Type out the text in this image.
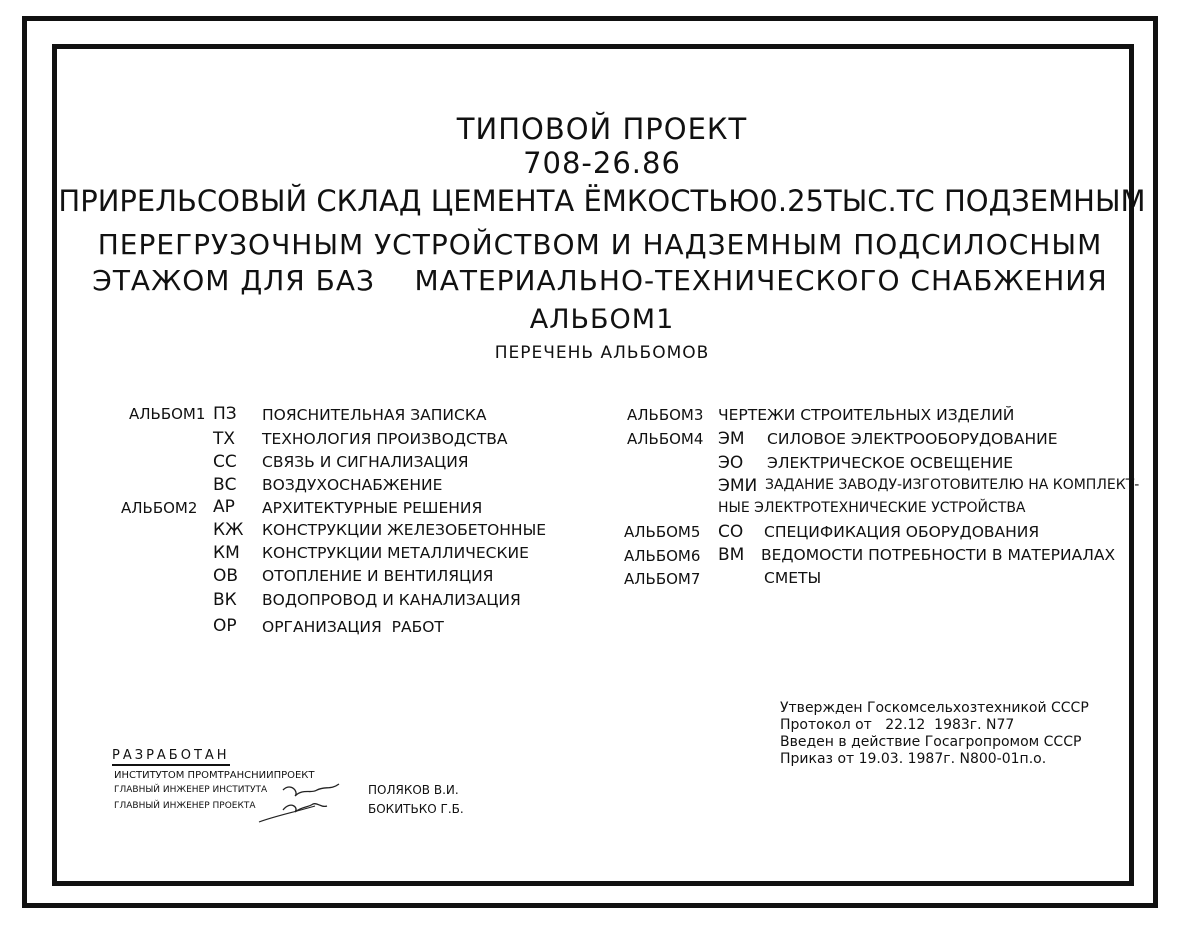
ТИПОВОЙ ПРОЕКТ
708-26.86
ПРИРЕЛЬСОВЫЙ СКЛАД ЦЕМЕНТА ЁМКОСТЬЮ0.25ТЫС.ТС ПОДЗЕМНЫМ
ПЕРЕГРУЗОЧНЫМ УСТРОЙСТВОМ И НАДЗЕМНЫМ ПОДСИЛОСНЫМ
ЭТАЖОМ ДЛЯ БАЗ    МАТЕРИАЛЬНО-ТЕХНИЧЕСКОГО СНАБЖЕНИЯ
АЛЬБОМ1
ПЕРЕЧЕНЬ АЛЬБОМОВ
АЛЬБОМ1 ПЗ ПОЯСНИТЕЛЬНАЯ ЗАПИСКА
ТХ ТЕХНОЛОГИЯ ПРОИЗВОДСТВА
СС СВЯЗЬ И СИГНАЛИЗАЦИЯ
ВС ВОЗДУХОСНАБЖЕНИЕ
АЛЬБОМ2 АР АРХИТЕКТУРНЫЕ РЕШЕНИЯ
КЖ КОНСТРУКЦИИ ЖЕЛЕЗОБЕТОННЫЕ
КМ КОНСТРУКЦИИ МЕТАЛЛИЧЕСКИЕ
ОВ ОТОПЛЕНИЕ И ВЕНТИЛЯЦИЯ
ВК ВОДОПРОВОД И КАНАЛИЗАЦИЯ
ОР ОРГАНИЗАЦИЯ  РАБОТ
АЛЬБОМ3 ЧЕРТЕЖИ СТРОИТЕЛЬНЫХ ИЗДЕЛИЙ
АЛЬБОМ4 ЭМ СИЛОВОЕ ЭЛЕКТРООБОРУДОВАНИЕ
ЭО ЭЛЕКТРИЧЕСКОЕ ОСВЕЩЕНИЕ
ЭМИ ЗАДАНИЕ ЗАВОДУ-ИЗГОТОВИТЕЛЮ НА КОМПЛЕКТ-
НЫЕ ЭЛЕКТРОТЕХНИЧЕСКИЕ УСТРОЙСТВА
АЛЬБОМ5 СО СПЕЦИФИКАЦИЯ ОБОРУДОВАНИЯ
АЛЬБОМ6 ВМ ВЕДОМОСТИ ПОТРЕБНОСТИ В МАТЕРИАЛАХ
АЛЬБОМ7	СМЕТЫ
РАЗРАБОТАН
ИНСТИТУТОМ ПРОМТРАНСНИИПРОЕКТ
ГЛАВНЫЙ ИНЖЕНЕР ИНСТИТУТА
ГЛАВНЫЙ ИНЖЕНЕР ПРОЕКТА
ПОЛЯКОВ В.И.
БОКИТЬКО Г.Б.
Утвержден Госкомсельхозтехникой СССР
Протокол от   22.12  1983г. N77
Введен в действие Госагропромом СССР
Приказ от 19.03. 1987г. N800-01п.о.
